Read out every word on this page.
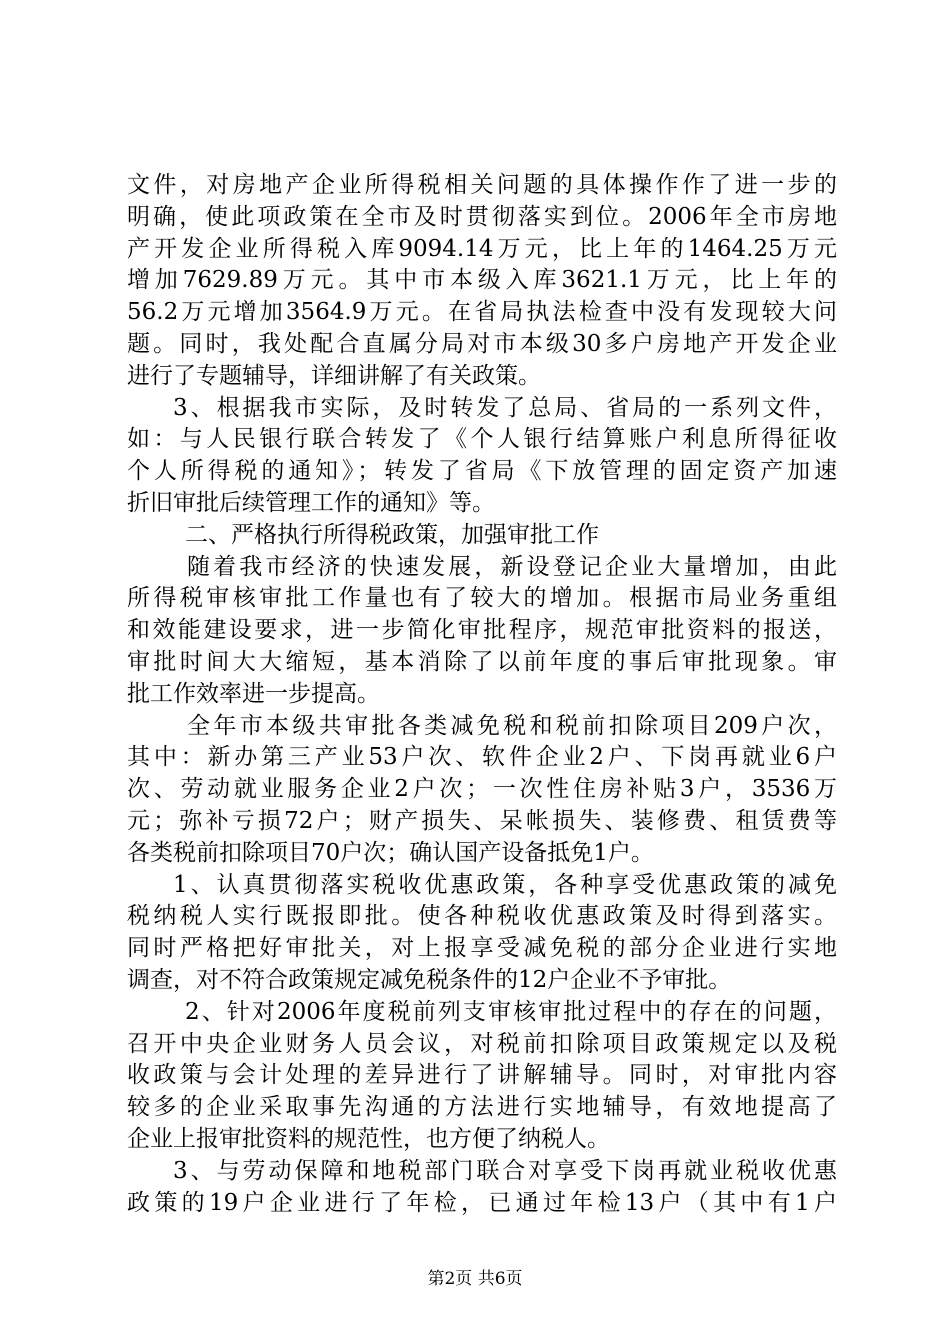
文件，对房地产企业所得税相关问题的具体操作作了进一步的
明确，使此项政策在全市及时贯彻落实到位。2006年全市房地
产开发企业所得税入库9094.14万元，比上年的1464.25万元
增加7629.89万元。其中市本级入库3621.1万元，比上年的
56.2万元增加3564.9万元。在省局执法检查中没有发现较大问
题。同时，我处配合直属分局对市本级30多户房地产开发企业
进行了专题辅导，详细讲解了有关政策。
3、根据我市实际，及时转发了总局、省局的一系列文件，
如：与人民银行联合转发了《个人银行结算账户利息所得征收
个人所得税的通知》；转发了省局《下放管理的固定资产加速
折旧审批后续管理工作的通知》等。
二、严格执行所得税政策，加强审批工作
随着我市经济的快速发展，新设登记企业大量增加，由此
所得税审核审批工作量也有了较大的增加。根据市局业务重组
和效能建设要求，进一步简化审批程序，规范审批资料的报送，
审批时间大大缩短，基本消除了以前年度的事后审批现象。审
批工作效率进一步提高。
全年市本级共审批各类减免税和税前扣除项目209户次，
其中：新办第三产业53户次、软件企业2户、下岗再就业6户
次、劳动就业服务企业2户次；一次性住房补贴3户，3536万
元；弥补亏损72户；财产损失、呆帐损失、装修费、租赁费等
各类税前扣除项目70户次；确认国产设备抵免1户。
1、认真贯彻落实税收优惠政策，各种享受优惠政策的减免
税纳税人实行既报即批。使各种税收优惠政策及时得到落实。
同时严格把好审批关，对上报享受减免税的部分企业进行实地
调查，对不符合政策规定减免税条件的12户企业不予审批。
2、针对2006年度税前列支审核审批过程中的存在的问题，
召开中央企业财务人员会议，对税前扣除项目政策规定以及税
收政策与会计处理的差异进行了讲解辅导。同时，对审批内容
较多的企业采取事先沟通的方法进行实地辅导，有效地提高了
企业上报审批资料的规范性，也方便了纳税人。
3、与劳动保障和地税部门联合对享受下岗再就业税收优惠
政策的19户企业进行了年检，已通过年检13户（其中有1户
第2页 共6页
